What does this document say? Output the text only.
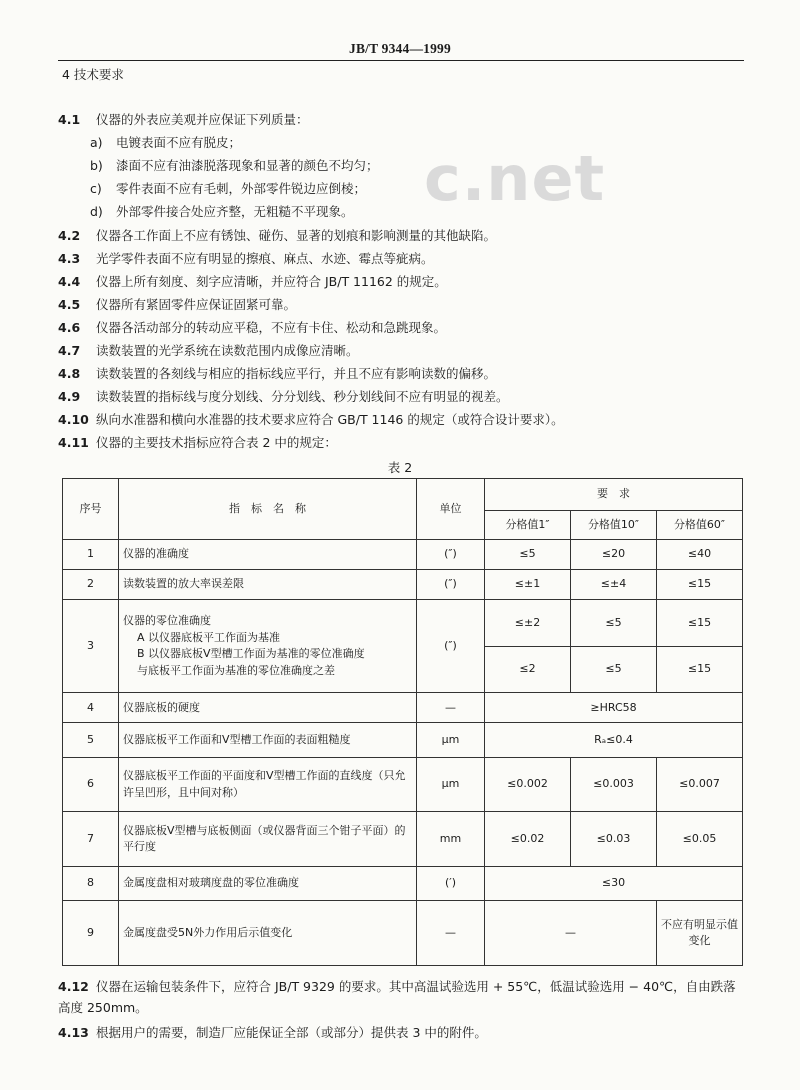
JB/T 9344—1999
4 技术要求
c.net
4.1 仪器的外表应美观并应保证下列质量：
a) 电镀表面不应有脱皮；
b) 漆面不应有油漆脱落现象和显著的颜色不均匀；
c) 零件表面不应有毛刺，外部零件锐边应倒棱；
d) 外部零件接合处应齐整，无粗糙不平现象。
4.2 仪器各工作面上不应有锈蚀、碰伤、显著的划痕和影响测量的其他缺陷。
4.3 光学零件表面不应有明显的擦痕、麻点、水迹、霉点等疵病。
4.4 仪器上所有刻度、刻字应清晰，并应符合 JB/T 11162 的规定。
4.5 仪器所有紧固零件应保证固紧可靠。
4.6 仪器各活动部分的转动应平稳，不应有卡住、松动和急跳现象。
4.7 读数装置的光学系统在读数范围内成像应清晰。
4.8 读数装置的各刻线与相应的指标线应平行，并且不应有影响读数的偏移。
4.9 读数装置的指标线与度分划线、分分划线、秒分划线间不应有明显的视差。
4.10 纵向水准器和横向水准器的技术要求应符合 GB/T 1146 的规定（或符合设计要求）。
4.11 仪器的主要技术指标应符合表 2 中的规定：
表 2
序号	指　标　名　称	单位	要　求		
			分格值1″	分格值10″	分格值60″
1	仪器的准确度	(″)	≤5	≤20	≤40
2	读数装置的放大率误差限	(″)	≤±1	≤±4	≤15
3	仪器的零位准确度
A 以仪器底板平工作面为基准
B 以仪器底板V型槽工作面为基准的零位准确度
与底板平工作面为基准的零位准确度之差	(″)	≤±2	≤5	≤15
			≤2	≤5	≤15
4	仪器底板的硬度	—	≥HRC58		
5	仪器底板平工作面和V型槽工作面的表面粗糙度	μm	Rₐ≤0.4		
6	仪器底板平工作面的平面度和V型槽工作面的直线度（只允许呈凹形，且中间对称）	μm	≤0.002	≤0.003	≤0.007
7	仪器底板V型槽与底板侧面（或仪器背面三个钳子平面）的平行度	mm	≤0.02	≤0.03	≤0.05
8	金属度盘相对玻璃度盘的零位准确度	(′)	≤30		
9	金属度盘受5N外力作用后示值变化	—	—		不应有明显示值变化
4.12 仪器在运输包装条件下，应符合 JB/T 9329 的要求。其中高温试验选用 + 55℃，低温试验选用 − 40℃，自由跌落高度 250mm。
4.13 根据用户的需要，制造厂应能保证全部（或部分）提供表 3 中的附件。
